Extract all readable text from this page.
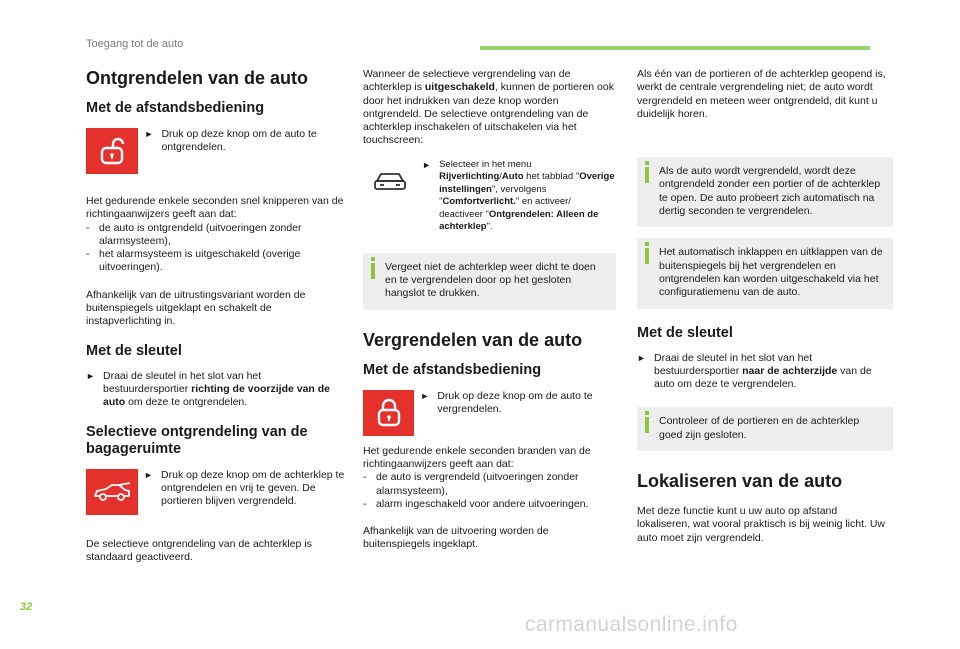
Toegang tot de auto
Ontgrendelen van de auto
Met de afstandsbediening
► Druk op deze knop om de auto te ontgrendelen.

Het gedurende enkele seconden snel knipperen van de richtingaanwijzers geeft aan dat:

- de auto is ontgrendeld (uitvoeringen zonder alarmsysteem),
- het alarmsysteem is uitgeschakeld (overige uitvoeringen).

Afhankelijk van de uitrustingsvariant worden de buitenspiegels uitgeklapt en schakelt de instapverlichting in.

Met de sleutel
► Draai de sleutel in het slot van het bestuurdersportier richting de voorzijde van de auto om deze te ontgrendelen.
Selectieve ontgrendeling van de
bagageruimte
► Druk op deze knop om de achterklep te ontgrendelen en vrij te geven. De portieren blijven vergrendeld.

De selectieve ontgrendeling van de achterklep is standaard geactiveerd.

Wanneer de selectieve vergrendeling van de achterklep is uitgeschakeld, kunnen de portieren ook door het indrukken van deze knop worden ontgrendeld. De selectieve ontgrendeling van de achterklep inschakelen of uitschakelen via het touchscreen:

► Selecteer in het menu Rijverlichting/Auto het tabblad "Overige instellingen", vervolgens "Comfortverlicht." en activeer/ deactiveer "Ontgrendelen: Alleen de achterklep".
Vergeet niet de achterklep weer dicht te doen en te vergrendelen door op het gesloten hangslot te drukken.
Vergrendelen van de auto
Met de afstandsbediening
► Druk op deze knop om de auto te vergrendelen.

Het gedurende enkele seconden branden van de richtingaanwijzers geeft aan dat:

- de auto is vergrendeld (uitvoeringen zonder alarmsysteem),
- alarm ingeschakeld voor andere uitvoeringen.

Afhankelijk van de uitvoering worden de buitenspiegels ingeklapt.

Als één van de portieren of de achterklep geopend is, werkt de centrale vergrendeling niet; de auto wordt vergrendeld en meteen weer ontgrendeld, dit kunt u duidelijk horen.

Als de auto wordt vergrendeld, wordt deze ontgrendeld zonder een portier of de achterklep te open. De auto probeert zich automatisch na dertig seconden te vergrendelen.
Het automatisch inklappen en uitklappen van de buitenspiegels bij het vergrendelen en ontgrendelen kan worden uitgeschakeld via het configuratiemenu van de auto.
Met de sleutel
► Draai de sleutel in het slot van het bestuurdersportier naar de achterzijde van de auto om deze te vergrendelen.
Controleer of de portieren en de achterklep goed zijn gesloten.
Lokaliseren van de auto

Met deze functie kunt u uw auto op afstand lokaliseren, wat vooral praktisch is bij weinig licht. Uw auto moet zijn vergrendeld.

32
carmanualsonline.info
